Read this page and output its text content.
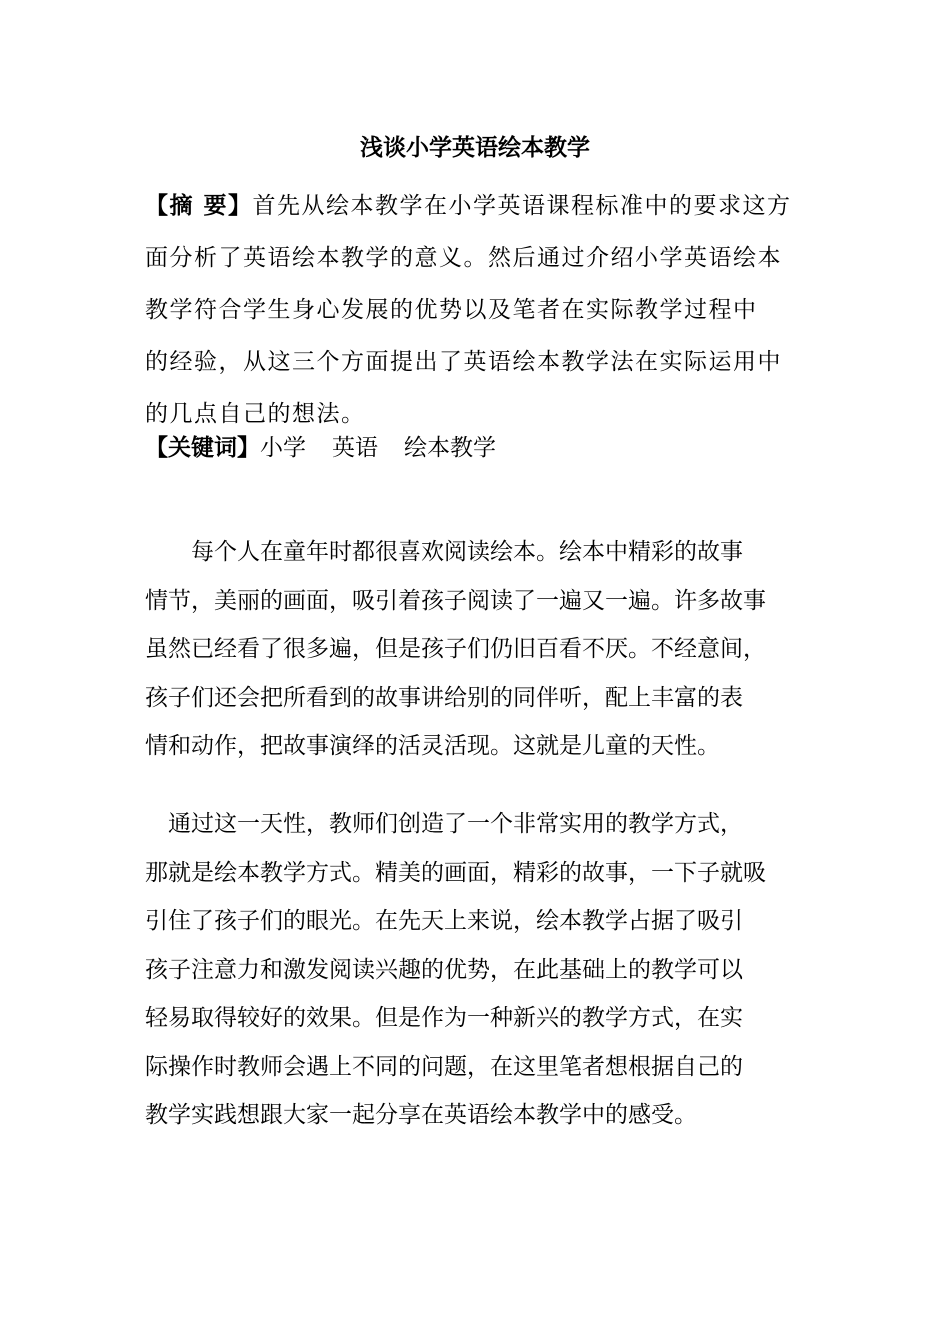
浅谈小学英语绘本教学
【摘 要】首先从绘本教学在小学英语课程标准中的要求这方
面分析了英语绘本教学的意义。然后通过介绍小学英语绘本
教学符合学生身心发展的优势以及笔者在实际教学过程中
的经验，从这三个方面提出了英语绘本教学法在实际运用中
的几点自己的想法。
【关键词】小学 英语 绘本教学
　　每个人在童年时都很喜欢阅读绘本。绘本中精彩的故事
情节，美丽的画面，吸引着孩子阅读了一遍又一遍。许多故事
虽然已经看了很多遍，但是孩子们仍旧百看不厌。不经意间，
孩子们还会把所看到的故事讲给别的同伴听，配上丰富的表
情和动作，把故事演绎的活灵活现。这就是儿童的天性。
　通过这一天性，教师们创造了一个非常实用的教学方式，
那就是绘本教学方式。精美的画面，精彩的故事，一下子就吸
引住了孩子们的眼光。在先天上来说，绘本教学占据了吸引
孩子注意力和激发阅读兴趣的优势，在此基础上的教学可以
轻易取得较好的效果。但是作为一种新兴的教学方式，在实
际操作时教师会遇上不同的问题，在这里笔者想根据自己的
教学实践想跟大家一起分享在英语绘本教学中的感受。
